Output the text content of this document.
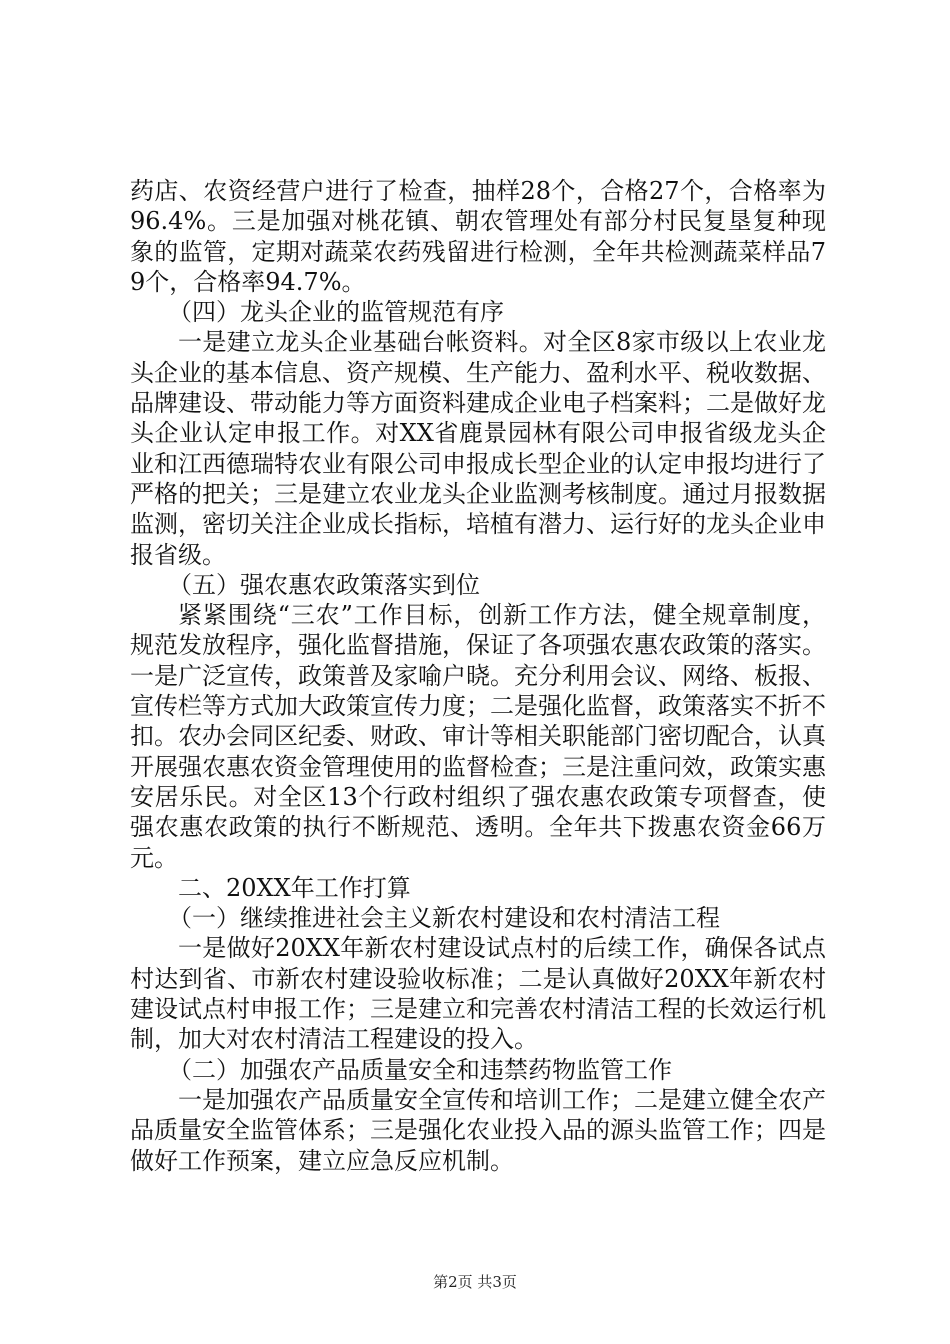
药店、农资经营户进行了检查，抽样28个，合格27个，合格率为96.4%。三是加强对桃花镇、朝农管理处有部分村民复垦复种现象的监管，定期对蔬菜农药残留进行检测，全年共检测蔬菜样品79个，合格率94.7%。

（四）龙头企业的监管规范有序

一是建立龙头企业基础台帐资料。对全区8家市级以上农业龙头企业的基本信息、资产规模、生产能力、盈利水平、税收数据、品牌建设、带动能力等方面资料建成企业电子档案料；二是做好龙头企业认定申报工作。对XX省鹿景园林有限公司申报省级龙头企业和江西德瑞特农业有限公司申报成长型企业的认定申报均进行了严格的把关；三是建立农业龙头企业监测考核制度。通过月报数据监测，密切关注企业成长指标，培植有潜力、运行好的龙头企业申报省级。

（五）强农惠农政策落实到位

紧紧围绕“三农”工作目标，创新工作方法，健全规章制度，规范发放程序，强化监督措施，保证了各项强农惠农政策的落实。一是广泛宣传，政策普及家喻户晓。充分利用会议、网络、板报、宣传栏等方式加大政策宣传力度；二是强化监督，政策落实不折不扣。农办会同区纪委、财政、审计等相关职能部门密切配合，认真开展强农惠农资金管理使用的监督检查；三是注重问效，政策实惠安居乐民。对全区13个行政村组织了强农惠农政策专项督查，使强农惠农政策的执行不断规范、透明。全年共下拨惠农资金66万元。

二、20XX年工作打算

（一）继续推进社会主义新农村建设和农村清洁工程

一是做好20XX年新农村建设试点村的后续工作，确保各试点村达到省、市新农村建设验收标准；二是认真做好20XX年新农村建设试点村申报工作；三是建立和完善农村清洁工程的长效运行机制，加大对农村清洁工程建设的投入。

（二）加强农产品质量安全和违禁药物监管工作

一是加强农产品质量安全宣传和培训工作；二是建立健全农产品质量安全监管体系；三是强化农业投入品的源头监管工作；四是做好工作预案，建立应急反应机制。

第2页 共3页
